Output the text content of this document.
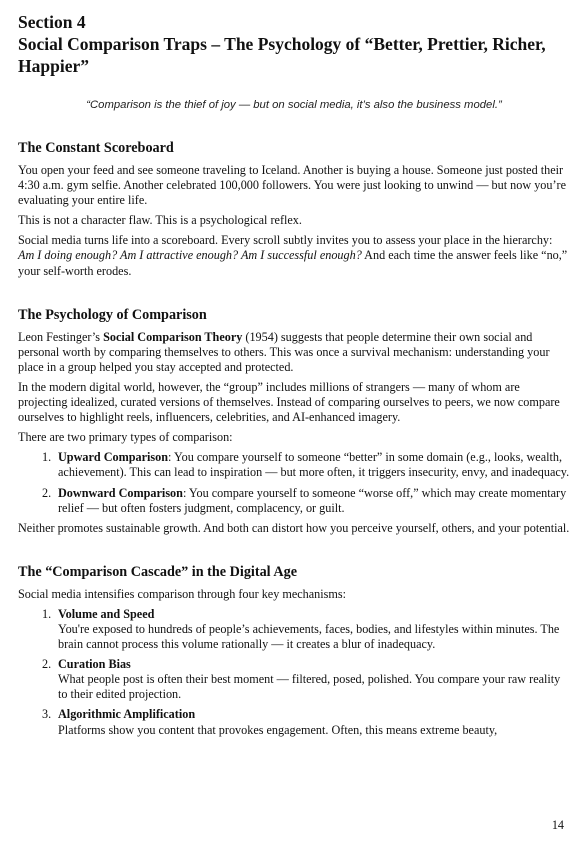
Section 4
Social Comparison Traps – The Psychology of “Better, Prettier, Richer, Happier”

“Comparison is the thief of joy — but on social media, it’s also the business model.”

The Constant Scoreboard

You open your feed and see someone traveling to Iceland. Another is buying a house. Someone just posted their 4:30 a.m. gym selfie. Another celebrated 100,000 followers. You were just looking to unwind — but now you’re evaluating your entire life.

This is not a character flaw. This is a psychological reflex.

Social media turns life into a scoreboard. Every scroll subtly invites you to assess your place in the hierarchy: Am I doing enough? Am I attractive enough? Am I successful enough? And each time the answer feels like “no,” your self-worth erodes.

The Psychology of Comparison

Leon Festinger’s Social Comparison Theory (1954) suggests that people determine their own social and personal worth by comparing themselves to others. This was once a survival mechanism: understanding your place in a group helped you stay accepted and protected.

In the modern digital world, however, the “group” includes millions of strangers — many of whom are projecting idealized, curated versions of themselves. Instead of comparing ourselves to peers, we now compare ourselves to highlight reels, influencers, celebrities, and AI-enhanced imagery.

There are two primary types of comparison:

1. Upward Comparison: You compare yourself to someone “better” in some domain (e.g., looks, wealth, achievement). This can lead to inspiration — but more often, it triggers insecurity, envy, and inadequacy.
2. Downward Comparison: You compare yourself to someone “worse off,” which may create momentary relief — but often fosters judgment, complacency, or guilt.

Neither promotes sustainable growth. And both can distort how you perceive yourself, others, and your potential.

The “Comparison Cascade” in the Digital Age

Social media intensifies comparison through four key mechanisms:

1. Volume and Speed
You're exposed to hundreds of people’s achievements, faces, bodies, and lifestyles within minutes. The brain cannot process this volume rationally — it creates a blur of inadequacy.
2. Curation Bias
What people post is often their best moment — filtered, posed, polished. You compare your raw reality to their edited projection.
3. Algorithmic Amplification
Platforms show you content that provokes engagement. Often, this means extreme beauty,
14
